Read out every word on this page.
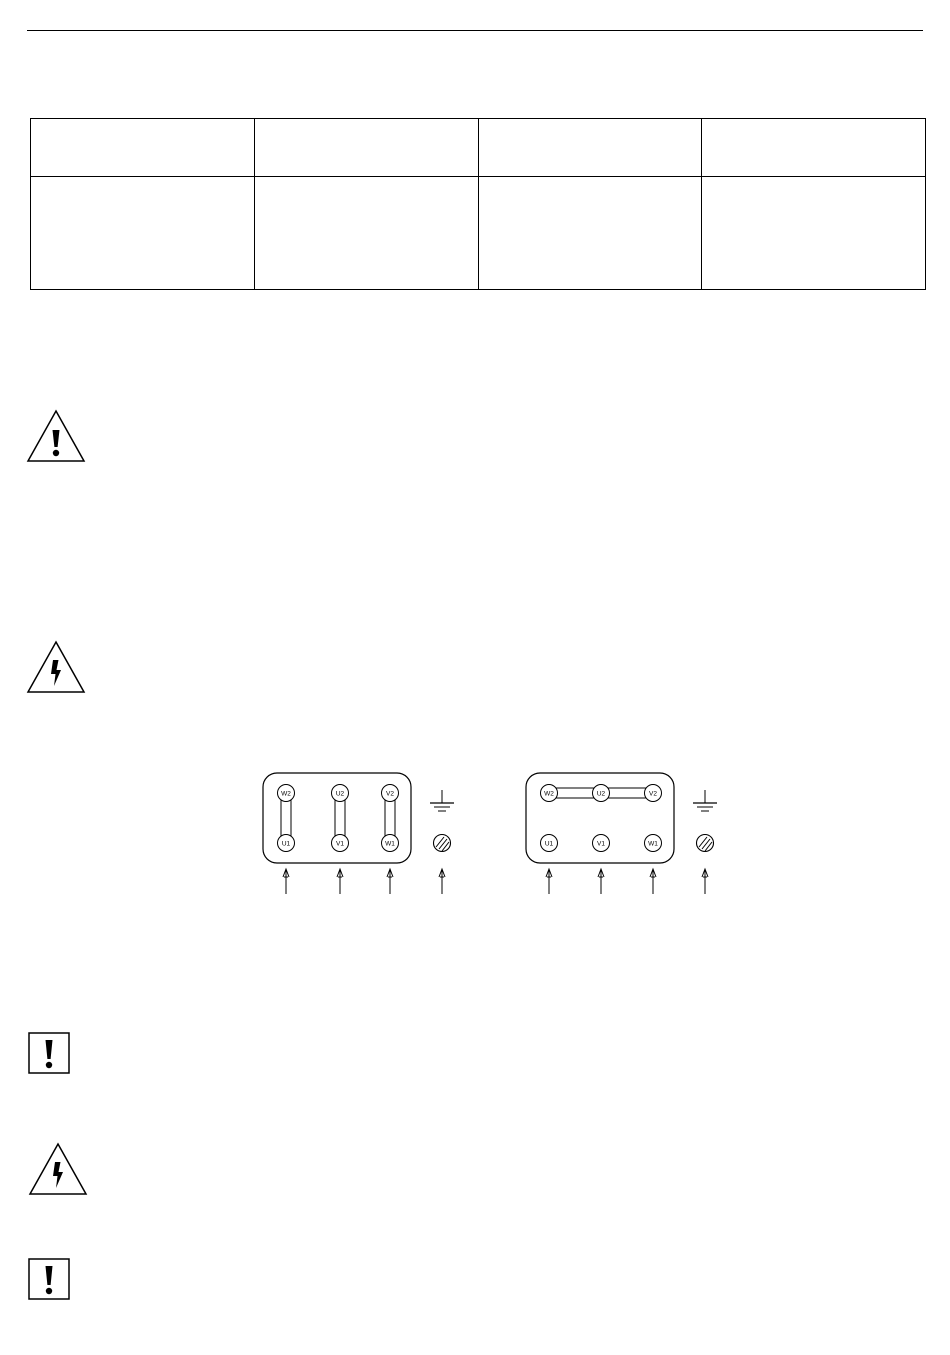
W2	U2	V2
U1	V1	W1
W2	U2	V2
U1	V1	W1
